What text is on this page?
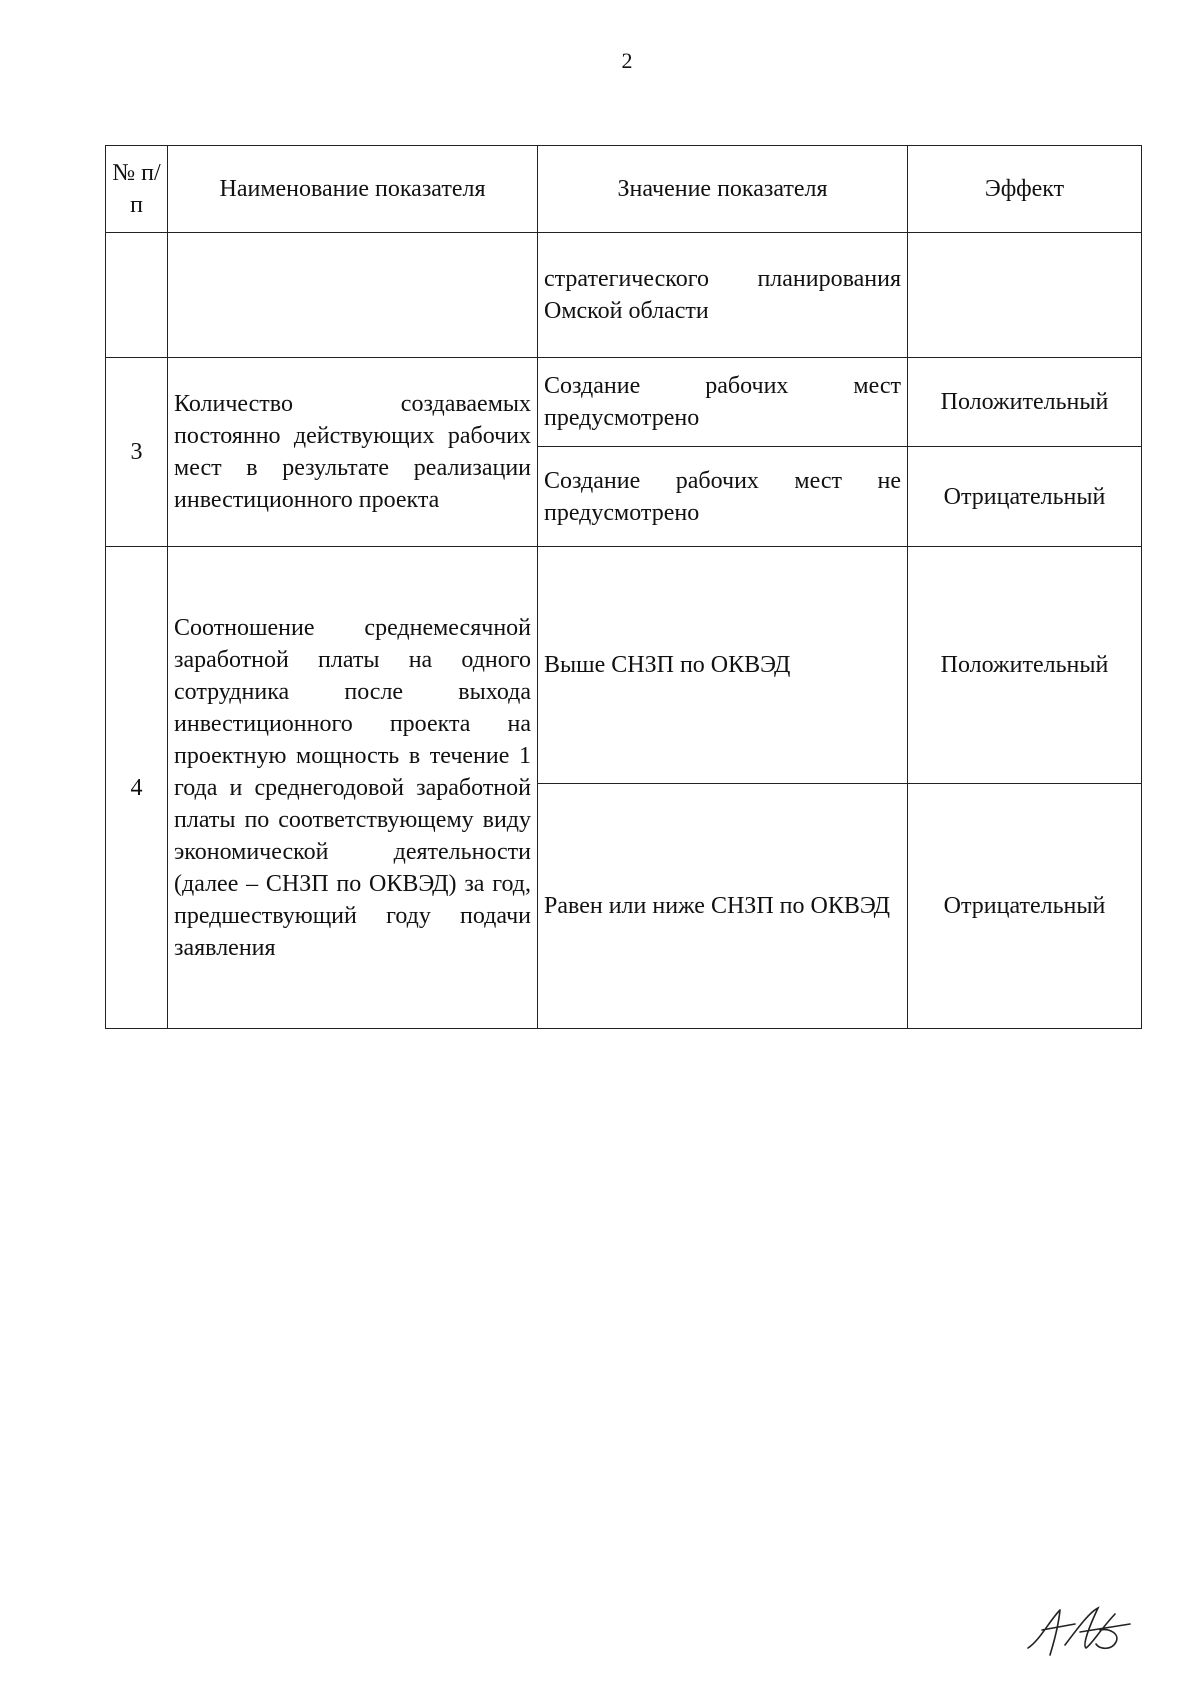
2
№ п/п	Наименование показателя	Значение показателя	Эффект
		стратегического планирования Омской области	
3	Количество создаваемых постоянно действующих рабочих мест в результате реализации инвестиционного проекта	Создание рабочих мест предусмотрено	Положительный
		Создание рабочих мест не предусмотрено	Отрицательный
4	Соотношение среднемесячной заработной платы на одного сотрудника после выхода инвестиционного проекта на проектную мощность в течение 1 года и среднегодовой заработной платы по соответствующему виду экономической деятельности (далее – СНЗП по ОКВЭД) за год, предшествующий году подачи заявления	Выше СНЗП по ОКВЭД	Положительный
		Равен или ниже СНЗП по ОКВЭД	Отрицательный
